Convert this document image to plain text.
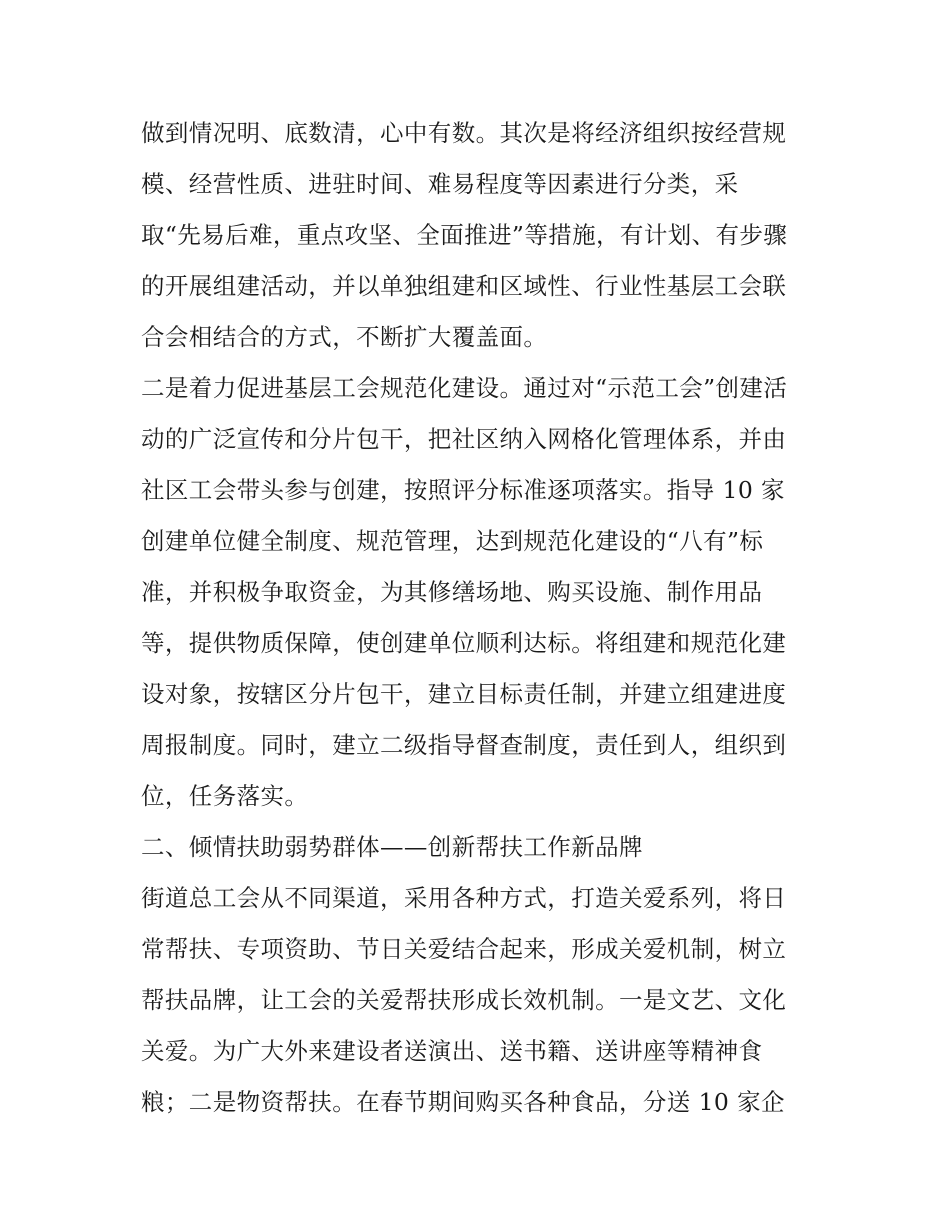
做到情况明、底数清，心中有数。其次是将经济组织按经营规
模、经营性质、进驻时间、难易程度等因素进行分类，采
取“先易后难，重点攻坚、全面推进”等措施，有计划、有步骤
的开展组建活动，并以单独组建和区域性、行业性基层工会联
合会相结合的方式，不断扩大覆盖面。
二是着力促进基层工会规范化建设。通过对“示范工会”创建活
动的广泛宣传和分片包干，把社区纳入网格化管理体系，并由
社区工会带头参与创建，按照评分标准逐项落实。指导 10 家
创建单位健全制度、规范管理，达到规范化建设的“八有”标
准，并积极争取资金，为其修缮场地、购买设施、制作用品
等，提供物质保障，使创建单位顺利达标。将组建和规范化建
设对象，按辖区分片包干，建立目标责任制，并建立组建进度
周报制度。同时，建立二级指导督查制度，责任到人，组织到
位，任务落实。
二、倾情扶助弱势群体——创新帮扶工作新品牌
街道总工会从不同渠道，采用各种方式，打造关爱系列，将日
常帮扶、专项资助、节日关爱结合起来，形成关爱机制，树立
帮扶品牌，让工会的关爱帮扶形成长效机制。一是文艺、文化
关爱。为广大外来建设者送演出、送书籍、送讲座等精神食
粮；二是物资帮扶。在春节期间购买各种食品，分送 10 家企
